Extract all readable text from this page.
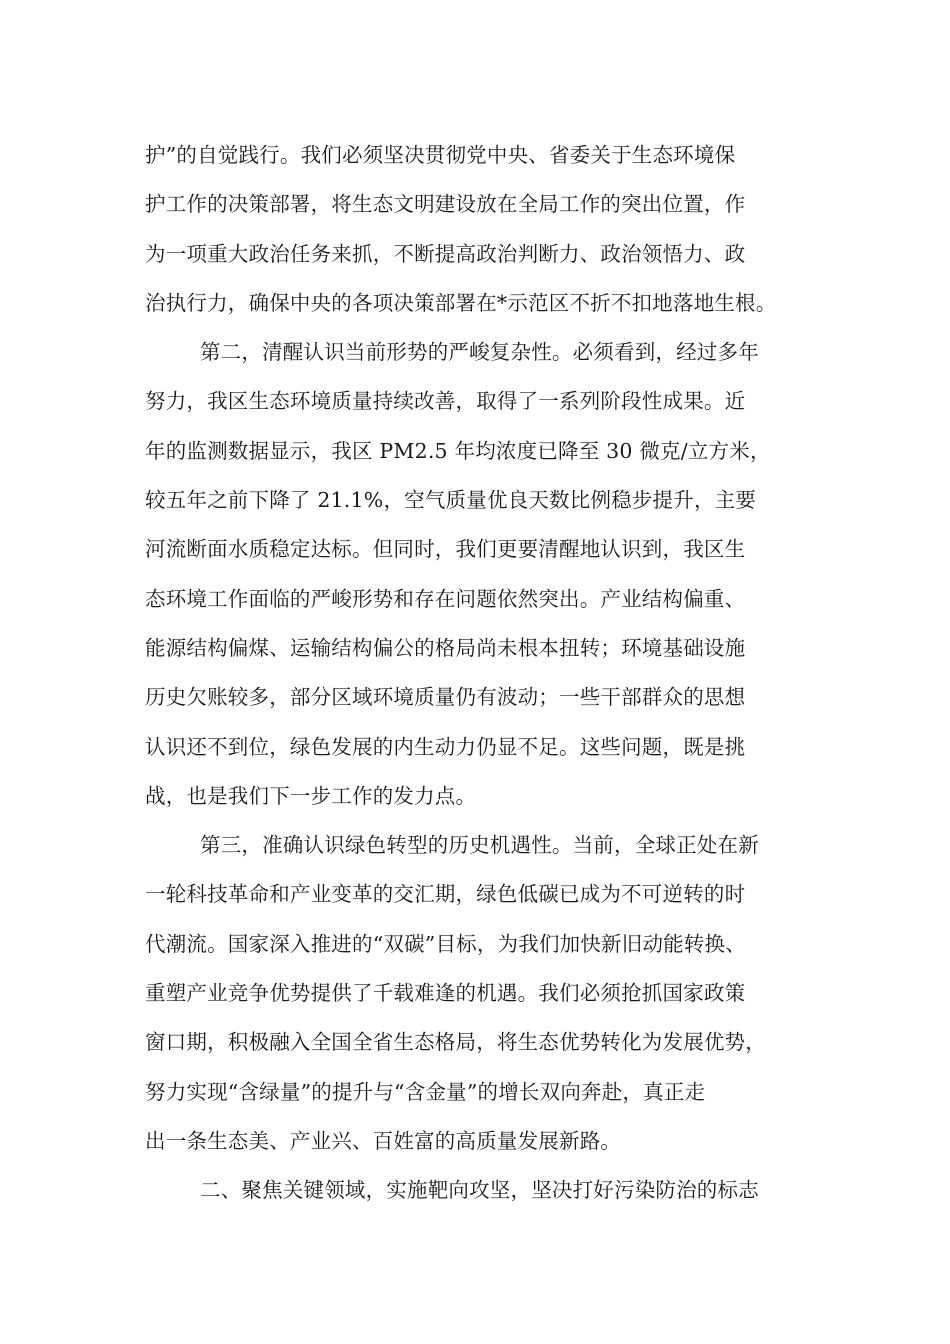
护”的自觉践行。我们必须坚决贯彻党中央、省委关于生态环境保
护工作的决策部署，将生态文明建设放在全局工作的突出位置，作
为一项重大政治任务来抓，不断提高政治判断力、政治领悟力、政
治执行力，确保中央的各项决策部署在*示范区不折不扣地落地生根。
第二，清醒认识当前形势的严峻复杂性。必须看到，经过多年
努力，我区生态环境质量持续改善，取得了一系列阶段性成果。近
年的监测数据显示，我区 PM2.5 年均浓度已降至 30 微克/立方米，
较五年之前下降了 21.1%，空气质量优良天数比例稳步提升，主要
河流断面水质稳定达标。但同时，我们更要清醒地认识到，我区生
态环境工作面临的严峻形势和存在问题依然突出。产业结构偏重、
能源结构偏煤、运输结构偏公的格局尚未根本扭转；环境基础设施
历史欠账较多，部分区域环境质量仍有波动；一些干部群众的思想
认识还不到位，绿色发展的内生动力仍显不足。这些问题，既是挑
战，也是我们下一步工作的发力点。
第三，准确认识绿色转型的历史机遇性。当前，全球正处在新
一轮科技革命和产业变革的交汇期，绿色低碳已成为不可逆转的时
代潮流。国家深入推进的“双碳”目标，为我们加快新旧动能转换、
重塑产业竞争优势提供了千载难逢的机遇。我们必须抢抓国家政策
窗口期，积极融入全国全省生态格局，将生态优势转化为发展优势，
努力实现“含绿量”的提升与“含金量”的增长双向奔赴，真正走
出一条生态美、产业兴、百姓富的高质量发展新路。
二、聚焦关键领域，实施靶向攻坚，坚决打好污染防治的标志
